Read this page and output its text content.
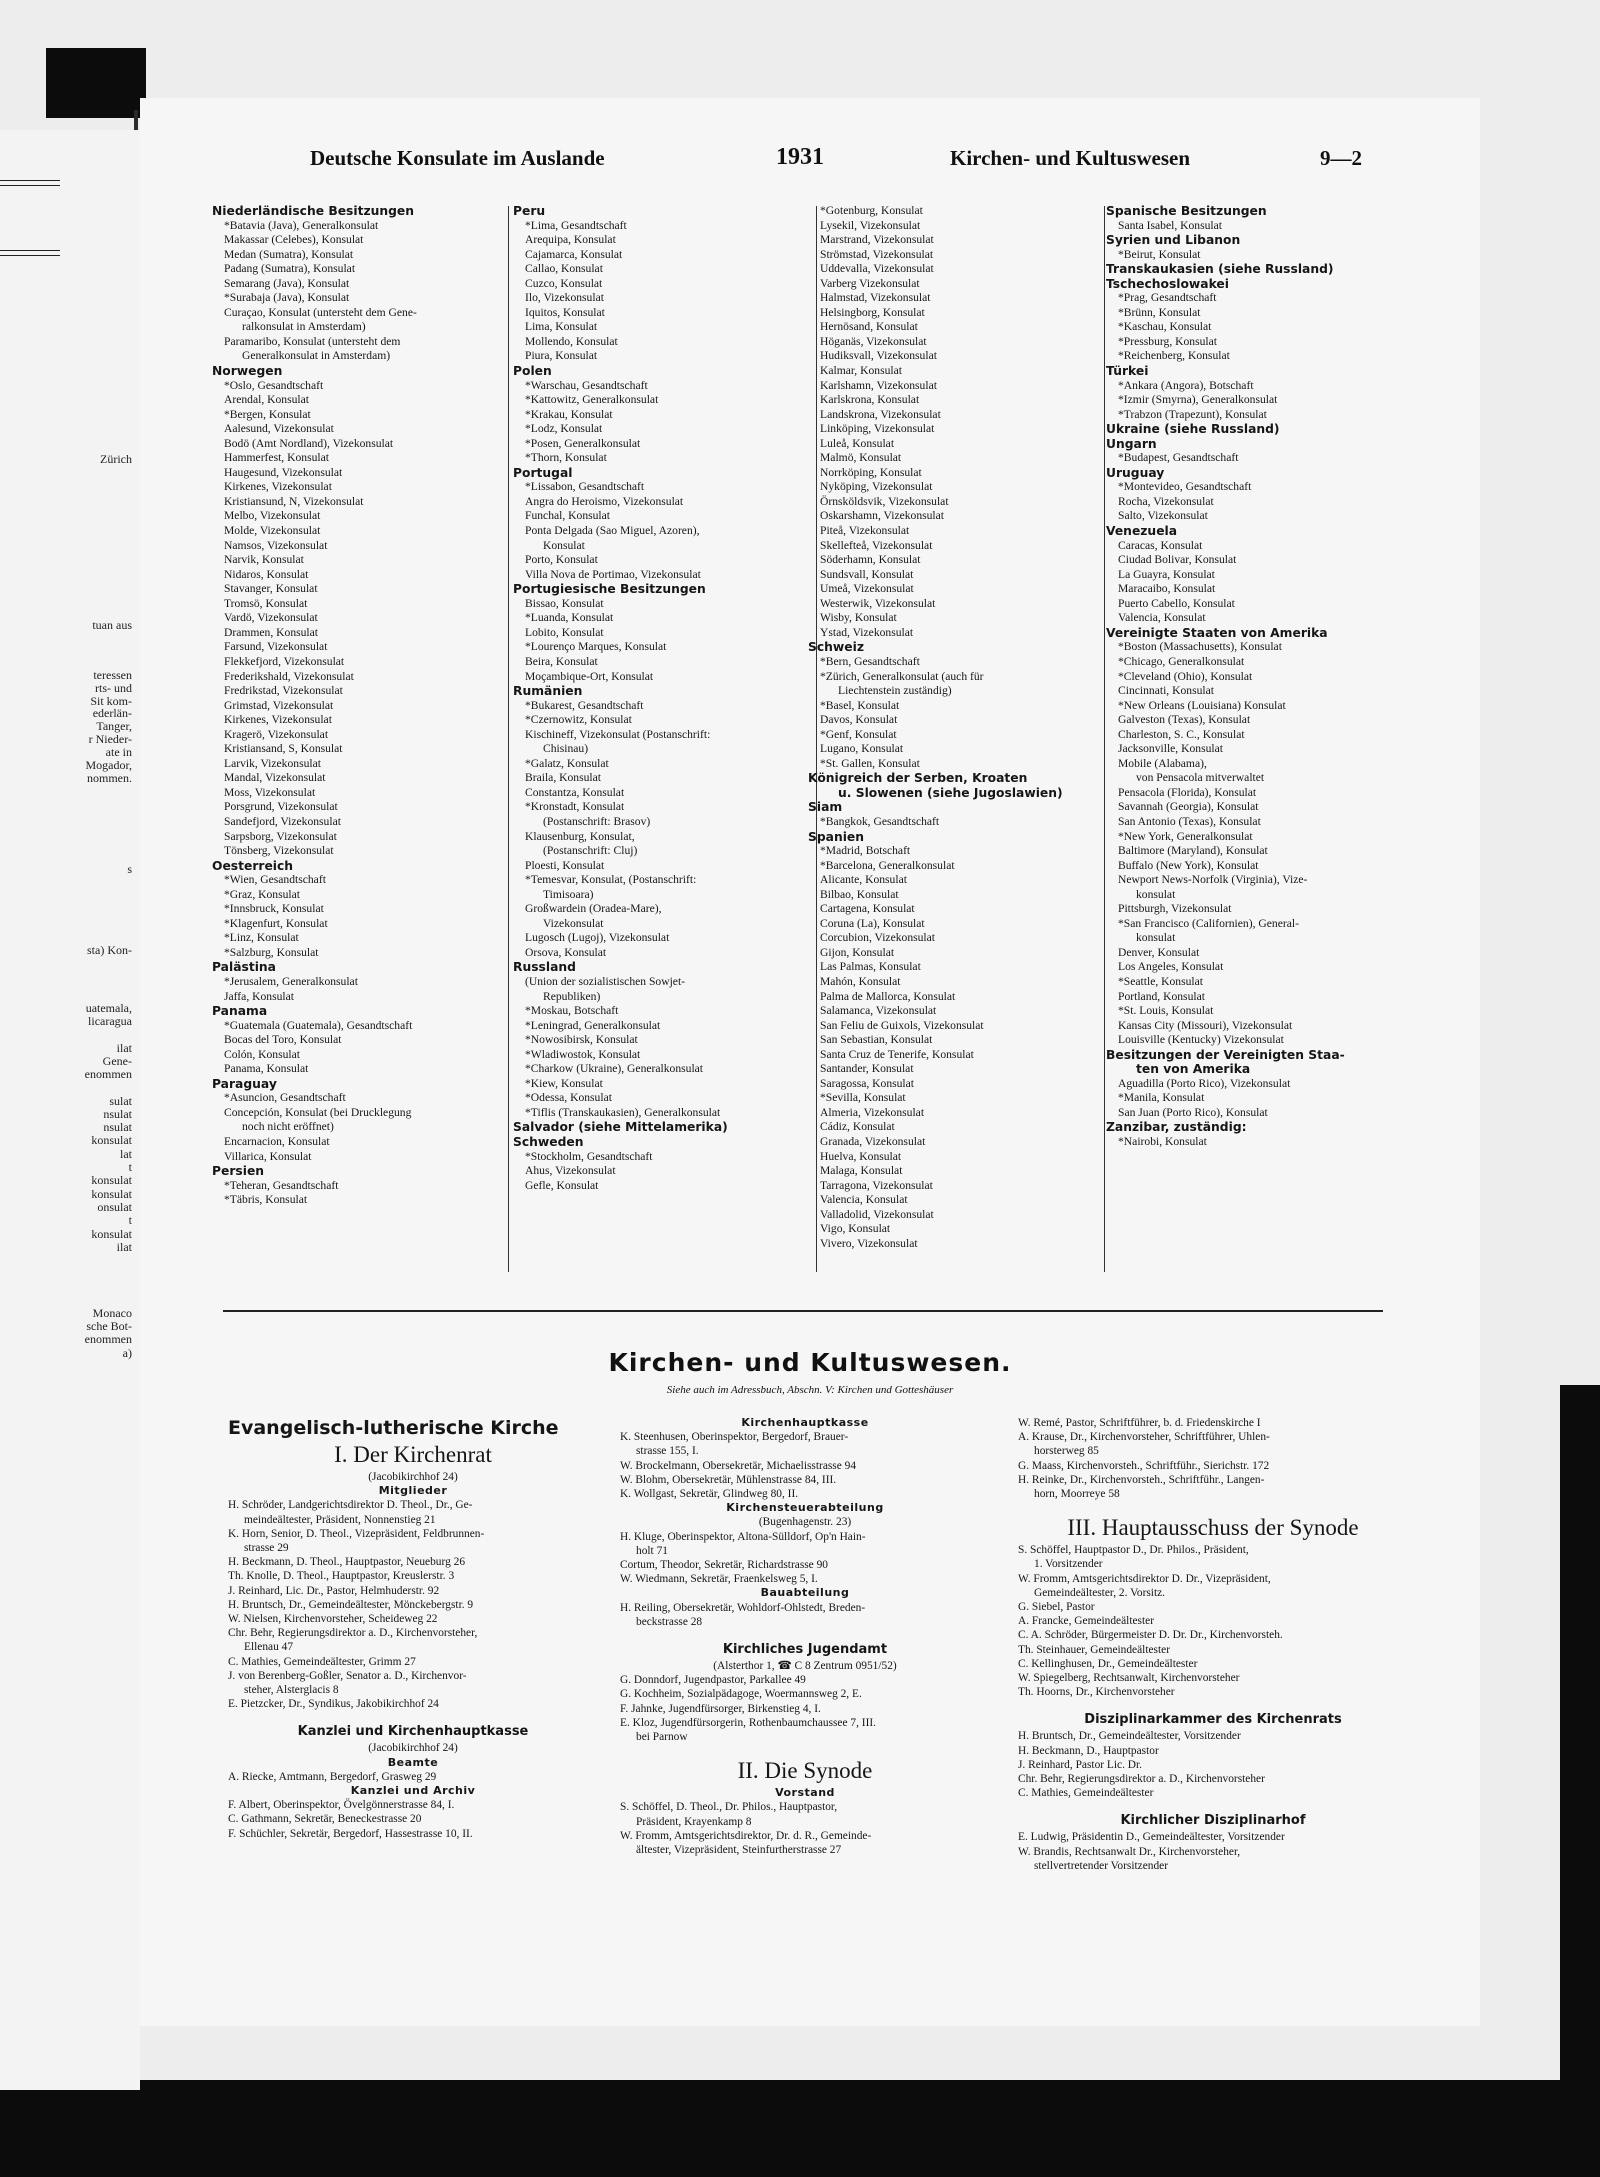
Zürich
tuan aus
teressen
rts- und
Sit kom-
ederlän-
Tanger,
r Nieder-
ate in
Mogador,
nommen.
s
sta) Kon-
uatemala,
licaragua
ilat
Gene-
enommen
sulat
nsulat
nsulat
konsulat
lat
t
konsulat
konsulat
onsulat
t
konsulat
ilat
Monaco
sche Bot-
enommen
a)
Deutsche Konsulate im Auslande	1931	Kirchen- und Kultuswesen	9—2
Niederländische Besitzungen
*Batavia (Java), Generalkonsulat
Makassar (Celebes), Konsulat
Medan (Sumatra), Konsulat
Padang (Sumatra), Konsulat
Semarang (Java), Konsulat
*Surabaja (Java), Konsulat
Curaçao, Konsulat (untersteht dem Gene-
ralkonsulat in Amsterdam)
Paramaribo, Konsulat (untersteht dem
Generalkonsulat in Amsterdam)
Norwegen
*Oslo, Gesandtschaft
Arendal, Konsulat
*Bergen, Konsulat
Aalesund, Vizekonsulat
Bodö (Amt Nordland), Vizekonsulat
Hammerfest, Konsulat
Haugesund, Vizekonsulat
Kirkenes, Vizekonsulat
Kristiansund, N, Vizekonsulat
Melbo, Vizekonsulat
Molde, Vizekonsulat
Namsos, Vizekonsulat
Narvik, Konsulat
Nidaros, Konsulat
Stavanger, Konsulat
Tromsö, Konsulat
Vardö, Vizekonsulat
Drammen, Konsulat
Farsund, Vizekonsulat
Flekkefjord, Vizekonsulat
Frederikshald, Vizekonsulat
Fredrikstad, Vizekonsulat
Grimstad, Vizekonsulat
Kirkenes, Vizekonsulat
Kragerö, Vizekonsulat
Kristiansand, S, Konsulat
Larvik, Vizekonsulat
Mandal, Vizekonsulat
Moss, Vizekonsulat
Porsgrund, Vizekonsulat
Sandefjord, Vizekonsulat
Sarpsborg, Vizekonsulat
Tönsberg, Vizekonsulat
Oesterreich
*Wien, Gesandtschaft
*Graz, Konsulat
*Innsbruck, Konsulat
*Klagenfurt, Konsulat
*Linz, Konsulat
*Salzburg, Konsulat
Palästina
*Jerusalem, Generalkonsulat
Jaffa, Konsulat
Panama
*Guatemala (Guatemala), Gesandtschaft
Bocas del Toro, Konsulat
Colón, Konsulat
Panama, Konsulat
Paraguay
*Asuncion, Gesandtschaft
Concepción, Konsulat (bei Drucklegung
noch nicht eröffnet)
Encarnacion, Konsulat
Villarica, Konsulat
Persien
*Teheran, Gesandtschaft
*Täbris, Konsulat
Peru
*Lima, Gesandtschaft
Arequipa, Konsulat
Cajamarca, Konsulat
Callao, Konsulat
Cuzco, Konsulat
Ilo, Vizekonsulat
Iquitos, Konsulat
Lima, Konsulat
Mollendo, Konsulat
Piura, Konsulat
Polen
*Warschau, Gesandtschaft
*Kattowitz, Generalkonsulat
*Krakau, Konsulat
*Lodz, Konsulat
*Posen, Generalkonsulat
*Thorn, Konsulat
Portugal
*Lissabon, Gesandtschaft
Angra do Heroismo, Vizekonsulat
Funchal, Konsulat
Ponta Delgada (Sao Miguel, Azoren),
Konsulat
Porto, Konsulat
Villa Nova de Portimao, Vizekonsulat
Portugiesische Besitzungen
Bissao, Konsulat
*Luanda, Konsulat
Lobito, Konsulat
*Lourenço Marques, Konsulat
Beira, Konsulat
Moçambique-Ort, Konsulat
Rumänien
*Bukarest, Gesandtschaft
*Czernowitz, Konsulat
Kischineff, Vizekonsulat (Postanschrift:
Chisinau)
*Galatz, Konsulat
Braila, Konsulat
Constantza, Konsulat
*Kronstadt, Konsulat
(Postanschrift: Brasov)
Klausenburg, Konsulat,
(Postanschrift: Cluj)
Ploesti, Konsulat
*Temesvar, Konsulat, (Postanschrift:
Timisoara)
Großwardein (Oradea-Mare),
Vizekonsulat
Lugosch (Lugoj), Vizekonsulat
Orsova, Konsulat
Russland
(Union der sozialistischen Sowjet-
Republiken)
*Moskau, Botschaft
*Leningrad, Generalkonsulat
*Nowosibirsk, Konsulat
*Wladiwostok, Konsulat
*Charkow (Ukraine), Generalkonsulat
*Kiew, Konsulat
*Odessa, Konsulat
*Tiflis (Transkaukasien), Generalkonsulat
Salvador (siehe Mittelamerika)
Schweden
*Stockholm, Gesandtschaft
Ahus, Vizekonsulat
Gefle, Konsulat
*Gotenburg, Konsulat
Lysekil, Vizekonsulat
Marstrand, Vizekonsulat
Strömstad, Vizekonsulat
Uddevalla, Vizekonsulat
Varberg Vizekonsulat
Halmstad, Vizekonsulat
Helsingborg, Konsulat
Hernösand, Konsulat
Höganäs, Vizekonsulat
Hudiksvall, Vizekonsulat
Kalmar, Konsulat
Karlshamn, Vizekonsulat
Karlskrona, Konsulat
Landskrona, Vizekonsulat
Linköping, Vizekonsulat
Luleå, Konsulat
Malmö, Konsulat
Norrköping, Konsulat
Nyköping, Vizekonsulat
Örnsköldsvik, Vizekonsulat
Oskarshamn, Vizekonsulat
Piteå, Vizekonsulat
Skellefteå, Vizekonsulat
Söderhamn, Konsulat
Sundsvall, Konsulat
Umeå, Vizekonsulat
Westerwik, Vizekonsulat
Wisby, Konsulat
Ystad, Vizekonsulat
Schweiz
*Bern, Gesandtschaft
*Zürich, Generalkonsulat (auch für
Liechtenstein zuständig)
*Basel, Konsulat
Davos, Konsulat
*Genf, Konsulat
Lugano, Konsulat
*St. Gallen, Konsulat
Königreich der Serben, Kroaten
u. Slowenen (siehe Jugoslawien)
Siam
*Bangkok, Gesandtschaft
Spanien
*Madrid, Botschaft
*Barcelona, Generalkonsulat
Alicante, Konsulat
Bilbao, Konsulat
Cartagena, Konsulat
Coruna (La), Konsulat
Corcubion, Vizekonsulat
Gijon, Konsulat
Las Palmas, Konsulat
Mahón, Konsulat
Palma de Mallorca, Konsulat
Salamanca, Vizekonsulat
San Feliu de Guixols, Vizekonsulat
San Sebastian, Konsulat
Santa Cruz de Tenerife, Konsulat
Santander, Konsulat
Saragossa, Konsulat
*Sevilla, Konsulat
Almeria, Vizekonsulat
Cádiz, Konsulat
Granada, Vizekonsulat
Huelva, Konsulat
Malaga, Konsulat
Tarragona, Vizekonsulat
Valencia, Konsulat
Valladolid, Vizekonsulat
Vigo, Konsulat
Vivero, Vizekonsulat
Spanische Besitzungen
Santa Isabel, Konsulat
Syrien und Libanon
*Beirut, Konsulat
Transkaukasien (siehe Russland)
Tschechoslowakei
*Prag, Gesandtschaft
*Brünn, Konsulat
*Kaschau, Konsulat
*Pressburg, Konsulat
*Reichenberg, Konsulat
Türkei
*Ankara (Angora), Botschaft
*Izmir (Smyrna), Generalkonsulat
*Trabzon (Trapezunt), Konsulat
Ukraine (siehe Russland)
Ungarn
*Budapest, Gesandtschaft
Uruguay
*Montevideo, Gesandtschaft
Rocha, Vizekonsulat
Salto, Vizekonsulat
Venezuela
Caracas, Konsulat
Ciudad Bolivar, Konsulat
La Guayra, Konsulat
Maracaibo, Konsulat
Puerto Cabello, Konsulat
Valencia, Konsulat
Vereinigte Staaten von Amerika
*Boston (Massachusetts), Konsulat
*Chicago, Generalkonsulat
*Cleveland (Ohio), Konsulat
Cincinnati, Konsulat
*New Orleans (Louisiana) Konsulat
Galveston (Texas), Konsulat
Charleston, S. C., Konsulat
Jacksonville, Konsulat
Mobile (Alabama),
von Pensacola mitverwaltet
Pensacola (Florida), Konsulat
Savannah (Georgia), Konsulat
San Antonio (Texas), Konsulat
*New York, Generalkonsulat
Baltimore (Maryland), Konsulat
Buffalo (New York), Konsulat
Newport News-Norfolk (Virginia), Vize-
konsulat
Pittsburgh, Vizekonsulat
*San Francisco (Californien), General-
konsulat
Denver, Konsulat
Los Angeles, Konsulat
*Seattle, Konsulat
Portland, Konsulat
*St. Louis, Konsulat
Kansas City (Missouri), Vizekonsulat
Louisville (Kentucky) Vizekonsulat
Besitzungen der Vereinigten Staa-
ten von Amerika
Aguadilla (Porto Rico), Vizekonsulat
*Manila, Konsulat
San Juan (Porto Rico), Konsulat
Zanzibar, zuständig:
*Nairobi, Konsulat
Kirchen- und Kultuswesen.
Siehe auch im Adressbuch, Abschn. V: Kirchen und Gotteshäuser
Evangelisch-lutherische Kirche
I. Der Kirchenrat
(Jacobikirchhof 24)
Mitglieder
H. Schröder, Landgerichtsdirektor D. Theol., Dr., Ge-
meindeältester, Präsident, Nonnenstieg 21
K. Horn, Senior, D. Theol., Vizepräsident, Feldbrunnen-
strasse 29
H. Beckmann, D. Theol., Hauptpastor, Neueburg 26
Th. Knolle, D. Theol., Hauptpastor, Kreuslerstr. 3
J. Reinhard, Lic. Dr., Pastor, Helmhuderstr. 92
H. Bruntsch, Dr., Gemeindeältester, Mönckebergstr. 9
W. Nielsen, Kirchenvorsteher, Scheideweg 22
Chr. Behr, Regierungsdirektor a. D., Kirchenvorsteher,
Ellenau 47
C. Mathies, Gemeindeältester, Grimm 27
J. von Berenberg-Goßler, Senator a. D., Kirchenvor-
steher, Alsterglacis 8
E. Pietzcker, Dr., Syndikus, Jakobikirchhof 24
Kanzlei und Kirchenhauptkasse
(Jacobikirchhof 24)
Beamte
A. Riecke, Amtmann, Bergedorf, Grasweg 29
Kanzlei und Archiv
F. Albert, Oberinspektor, Övelgönnerstrasse 84, I.
C. Gathmann, Sekretär, Beneckestrasse 20
F. Schüchler, Sekretär, Bergedorf, Hassestrasse 10, II.
Kirchenhauptkasse
K. Steenhusen, Oberinspektor, Bergedorf, Brauer-
strasse 155, I.
W. Brockelmann, Obersekretär, Michaelisstrasse 94
W. Blohm, Obersekretär, Mühlenstrasse 84, III.
K. Wollgast, Sekretär, Glindweg 80, II.
Kirchensteuerabteilung
(Bugenhagenstr. 23)
H. Kluge, Oberinspektor, Altona-Sülldorf, Op'n Hain-
holt 71
Cortum, Theodor, Sekretär, Richardstrasse 90
W. Wiedmann, Sekretär, Fraenkelsweg 5, I.
Bauabteilung
H. Reiling, Obersekretär, Wohldorf-Ohlstedt, Breden-
beckstrasse 28
Kirchliches Jugendamt
(Alsterthor 1, ☎ C 8 Zentrum 0951/52)
G. Donndorf, Jugendpastor, Parkallee 49
G. Kochheim, Sozialpädagoge, Woermannsweg 2, E.
F. Jahnke, Jugendfürsorger, Birkenstieg 4, I.
E. Kloz, Jugendfürsorgerin, Rothenbaumchaussee 7, III.
bei Parnow
II. Die Synode
Vorstand
S. Schöffel, D. Theol., Dr. Philos., Hauptpastor,
Präsident, Krayenkamp 8
W. Fromm, Amtsgerichtsdirektor, Dr. d. R., Gemeinde-
ältester, Vizepräsident, Steinfurtherstrasse 27
W. Remé, Pastor, Schriftführer, b. d. Friedenskirche I
A. Krause, Dr., Kirchenvorsteher, Schriftführer, Uhlen-
horsterweg 85
G. Maass, Kirchenvorsteh., Schriftführ., Sierichstr. 172
H. Reinke, Dr., Kirchenvorsteh., Schriftführ., Langen-
horn, Moorreye 58
III. Hauptausschuss der Synode
S. Schöffel, Hauptpastor D., Dr. Philos., Präsident,
1. Vorsitzender
W. Fromm, Amtsgerichtsdirektor D. Dr., Vizepräsident,
Gemeindeältester, 2. Vorsitz.
G. Siebel, Pastor
A. Francke, Gemeindeältester
C. A. Schröder, Bürgermeister D. Dr. Dr., Kirchenvorsteh.
Th. Steinhauer, Gemeindeältester
C. Kellinghusen, Dr., Gemeindeältester
W. Spiegelberg, Rechtsanwalt, Kirchenvorsteher
Th. Hoorns, Dr., Kirchenvorsteher
Disziplinarkammer des Kirchenrats
H. Bruntsch, Dr., Gemeindeältester, Vorsitzender
H. Beckmann, D., Hauptpastor
J. Reinhard, Pastor Lic. Dr.
Chr. Behr, Regierungsdirektor a. D., Kirchenvorsteher
C. Mathies, Gemeindeältester
Kirchlicher Disziplinarhof
E. Ludwig, Präsidentin D., Gemeindeältester, Vorsitzender
W. Brandis, Rechtsanwalt Dr., Kirchenvorsteher,
stellvertretender Vorsitzender
